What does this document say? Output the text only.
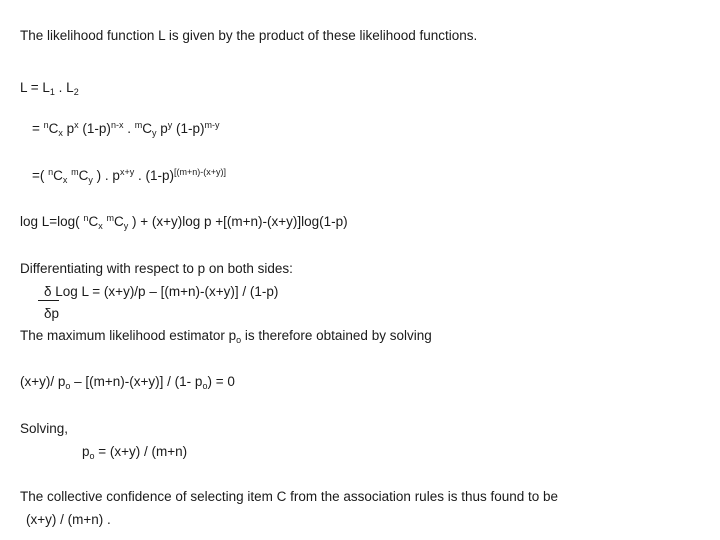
The likelihood function L is given by the product of these likelihood functions.
$L = L_1$ . $L_2$
= $^nC_x$ $p^x$ $(1-p)^{n-x}$ . $^mC_y$ $p^y$ $(1-p)^{m-y}$
=( $^nC_x$ $^mC_y$ ) . $p^{x+y}$ . (1-p)[(m+n)-(x+y)]
log L=log( $^nC_x$ $^mC_y$ ) + (x+y)log p +[(m+n)-(x+y)]log(1-p)
Differentiating with respect to p on both sides:
δ Log L = (x+y)/p – [(m+n)-(x+y)] / (1-p)
δp
The maximum likelihood estimator $p_o$ is therefore obtained by solving
(x+y)/ $p_o - [(m+n)-(x+y)] / (1-$ $p_o) = 0$
Solving,
$p_o = (x+y) / (m+n)$
The collective confidence of selecting item C from the association rules is thus found to be
(x+y) / (m+n) .
